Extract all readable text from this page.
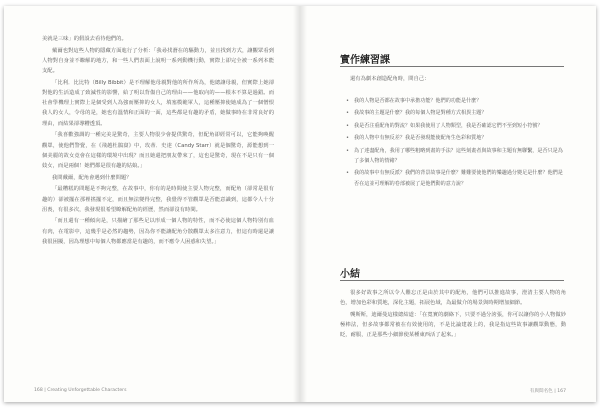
美就是三味」的假設去看待他們的。

戴爾也對這些人物的隱藏方面進行了分析：「我尋找潛在的驅動力，並且找到方式，讓觀眾看到人物對自身並不瞭解的地方，和一些人們表面上說明一系列動機行動，實際上卻完全被一系列本能支配。

「比利．比比特（Billy Bibbit）是不理解他母親對他的所作所為，他總讓母親，但實際上她卻對他的生活造成了致滅性的影響，給了明以背傷自己的理由——他取向的——根本不算是過錯。而社會學機理上實際上是個受到人為強而壓抑的女人，填塞模範軍人，這種壓抑使她成為了一個憎恨我人的女人，令母的是，她也有溫情和正面的一面，這些都是有趣的矛盾，她做事時在非常良好的理由，而結果卻導糟透頂。

「我喜歡強調的一種完美是驚奇，主要人物很少會提供驚奇，但配角卻經常可以，它能夠喚醒觀眾，使他們警覺，在《飛越杜鵑窩》中，玫蒂．史達（Candy Starr）就是個驚奇，源能想到一個美麗的故女竟會在這樣的環境中出現？而且她還把朋友帶來了，這也是驚奇，現在不是只有一個妓女，而是兩個！她們都是很有趣的姑娘。」

我問戴爾，配角會遇到什麼問題？

「最糟糕的問題是不夠完整，在故事中，你有的是時間使主要人物完整，而配角（卻常是很有趣的）卻被擺在那裡搖擺不定，而且無法變得完整，我覺得不管觀眾是否能意識到，這都令人十分沮喪，有很多次，我發現很希望瞭解配角的經歷，然而卻沒有時間。

「而且還有一種傾向是，只描繪了那些足以形成一個人物的特性，而不必使這個人物特別有血有肉，在電影中，這幾乎是必然的趨勢，因為你不能讓配角分散觀眾太多注意力，但這有時還是讓我很困擾，因為理想中每個人物都應當是有趣的，而不應令人困惑和失望。」

168 | Creating Unforgettable Characters
實作練習課
還有為劇本創造配角時，問自己：
• 我的人物是否都在故事中承擔功能？他們的功能是什麼？
• 我故事的主題是什麼？我的每個人物是對種方式相異主題？
• 我是否注重配角的對流？如果我使用了人物類型，我是否確認它們不至到短小符號？
• 我的人物中有無反差？我是否發現能使配角生色彩和質地？
• 為了達盡配角，我用了哪些粗略到畫的手法？這些刻畫者與故事和主題有無聯繫，是否只是為了多個人物的情緒？
• 我的故事中有無反派？我們的背景故事是什麼？難難要使他們的樂趣過分變足是什麼？他們是否在這並可理解的卷部被展了是他們動的意力說？
小結

很多好故事之所以令人難忘正是由於其中的配角，他們可以推進故事，澄清主要人物的角色，增加色彩和質地，深化主題，拓展色域，為最做介的場景與時期增加細節。

龔斯斯，迪爾曼這樣總結道：「在寬實的劇絡下，只要不過分誇張，你可以讓你的小人物做妙極棒法，但多故事都常被在有效使用的，不是比論建義上的，我是指這些故事讓觀眾動態，動眨，耐服，正是那些小細節使某種東西活了起來。」

有與間名色 | 167
